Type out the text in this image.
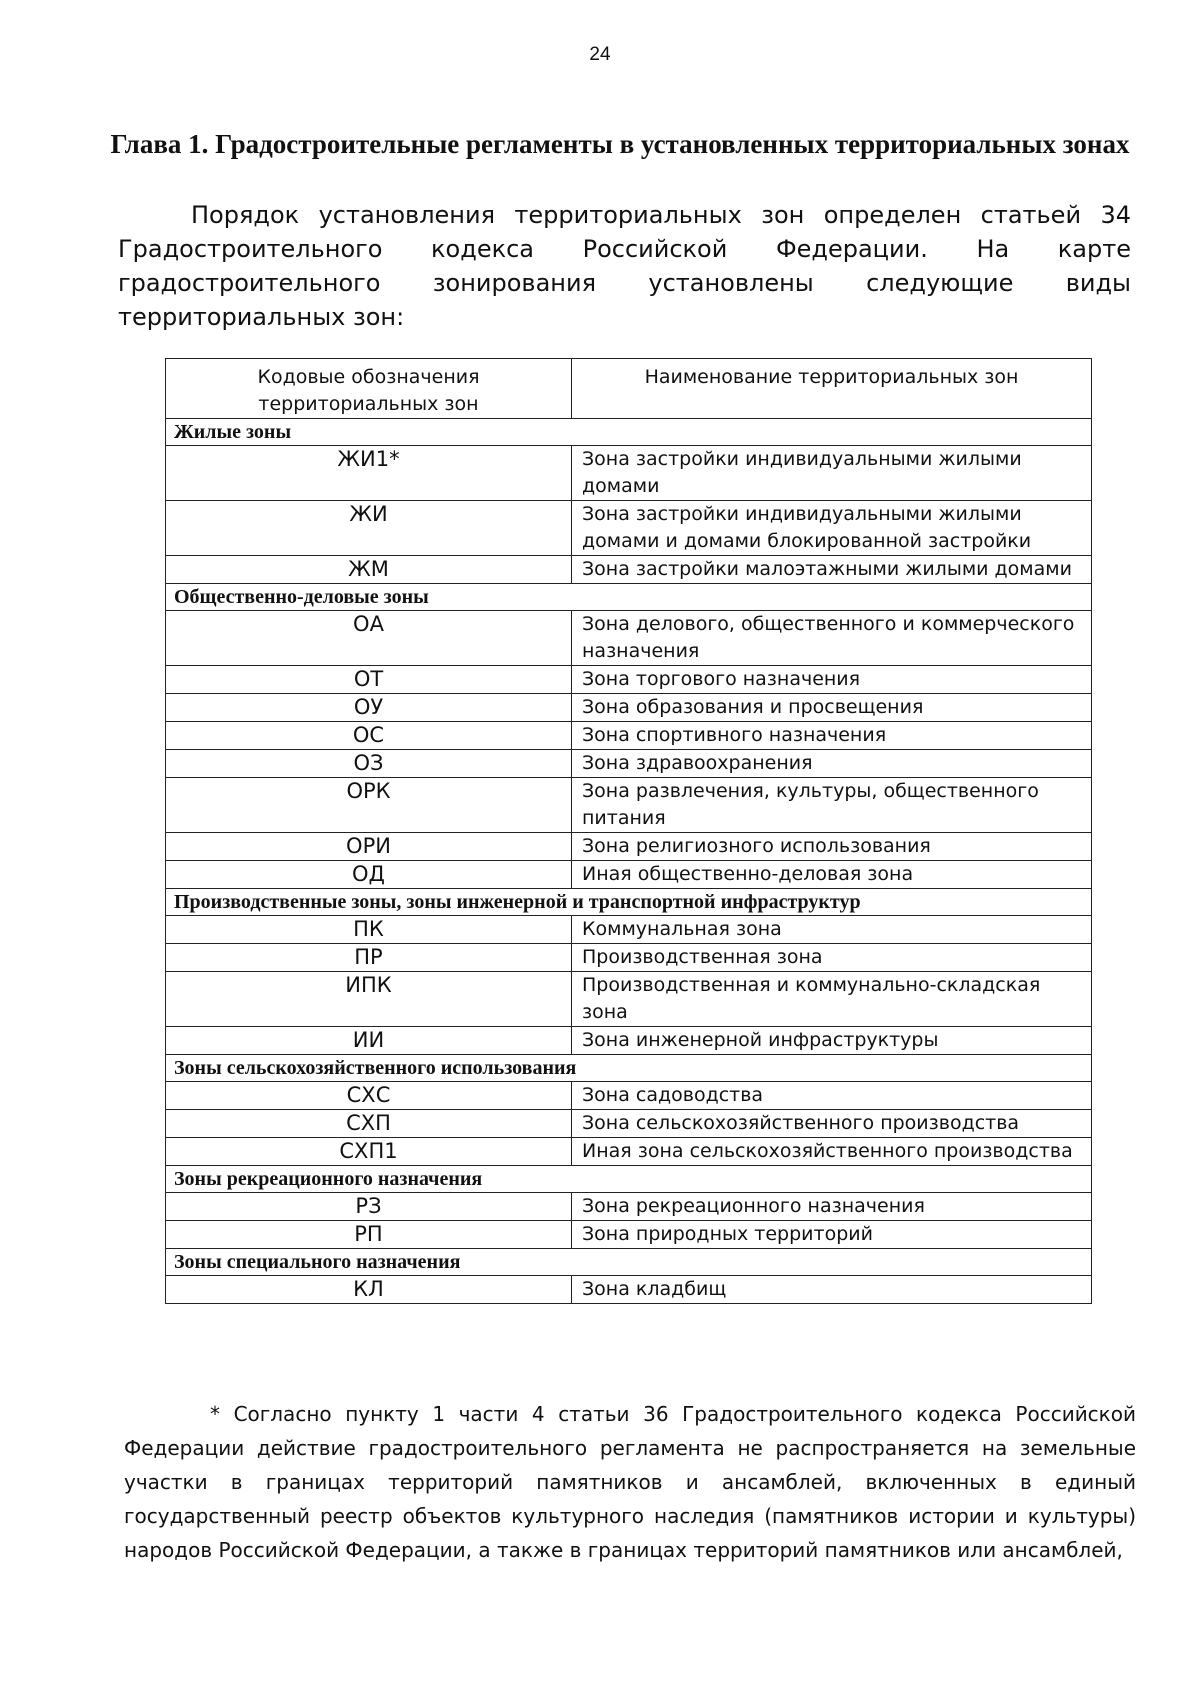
24
Глава 1. Градостроительные регламенты в установленных территориальных зонах

Порядок установления территориальных зон определен статьей 34 Градостроительного кодекса Российской Федерации. На карте градостроительного зонирования установлены следующие виды территориальных зон:

Кодовые обозначения территориальных зон	Наименование территориальных зон
Жилые зоны	
ЖИ1*	Зона застройки индивидуальными жилыми домами
ЖИ	Зона застройки индивидуальными жилыми домами и домами блокированной застройки
ЖМ	Зона застройки малоэтажными жилыми домами
Общественно-деловые зоны	
ОА	Зона делового, общественного и коммерческого назначения
ОТ	Зона торгового назначения
ОУ	Зона образования и просвещения
ОС	Зона спортивного назначения
ОЗ	Зона здравоохранения
ОРК	Зона развлечения, культуры, общественного питания
ОРИ	Зона религиозного использования
ОД	Иная общественно-деловая зона
Производственные зоны, зоны инженерной и транспортной инфраструктур	
ПК	Коммунальная зона
ПР	Производственная зона
ИПК	Производственная и коммунально-складская зона
ИИ	Зона инженерной инфраструктуры
Зоны сельскохозяйственного использования	
СХС	Зона садоводства
СХП	Зона сельскохозяйственного производства
СХП1	Иная зона сельскохозяйственного производства
Зоны рекреационного назначения	
РЗ	Зона рекреационного назначения
РП	Зона природных территорий
Зоны специального назначения	
КЛ	Зона кладбищ

* Согласно пункту 1 части 4 статьи 36 Градостроительного кодекса Российской Федерации действие градостроительного регламента не распространяется на земельные участки в границах территорий памятников и ансамблей, включенных в единый государственный реестр объектов культурного наследия (памятников истории и культуры) народов Российской Федерации, а также в границах территорий памятников или ансамблей,
